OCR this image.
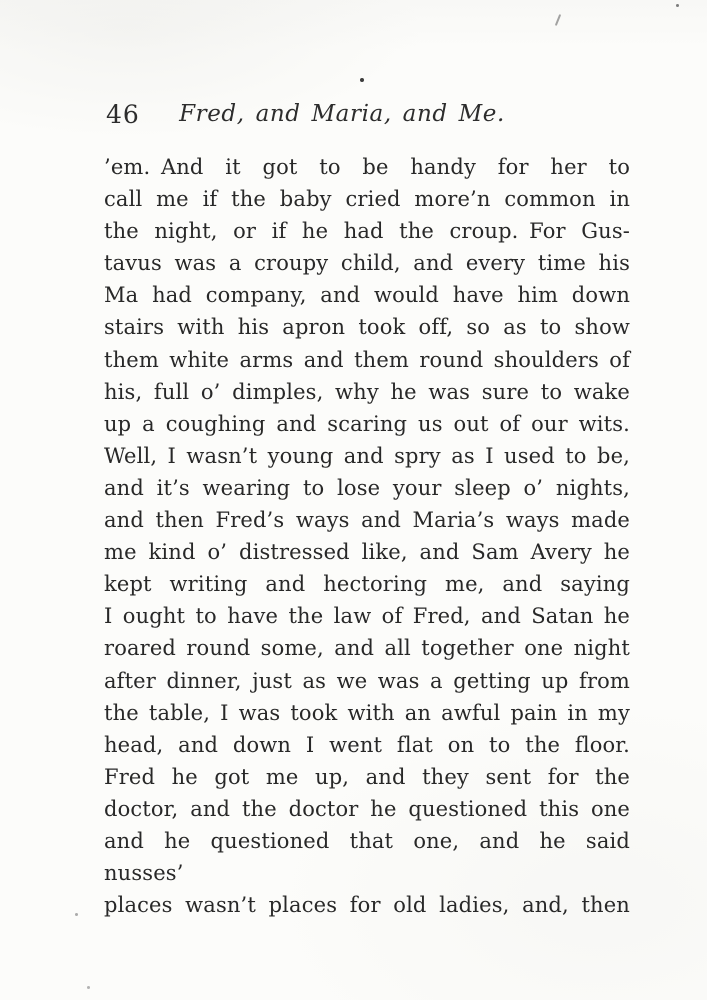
46	Fred, and Maria, and Me.
’em. And it got to be handy for her to
call me if the baby cried more’n common in
the night, or if he had the croup. For Gus-
tavus was a croupy child, and every time his
Ma had company, and would have him down
stairs with his apron took off, so as to show
them white arms and them round shoulders of
his, full o’ dimples, why he was sure to wake
up a coughing and scaring us out of our wits.
Well, I wasn’t young and spry as I used to be,
and it’s wearing to lose your sleep o’ nights,
and then Fred’s ways and Maria’s ways made
me kind o’ distressed like, and Sam Avery he
kept writing and hectoring me, and saying
I ought to have the law of Fred, and Satan he
roared round some, and all together one night
after dinner, just as we was a getting up from
the table, I was took with an awful pain in my
head, and down I went flat on to the floor.
Fred he got me up, and they sent for the
doctor, and the doctor he questioned this one
and he questioned that one, and he said nusses’
places wasn’t places for old ladies, and, then
